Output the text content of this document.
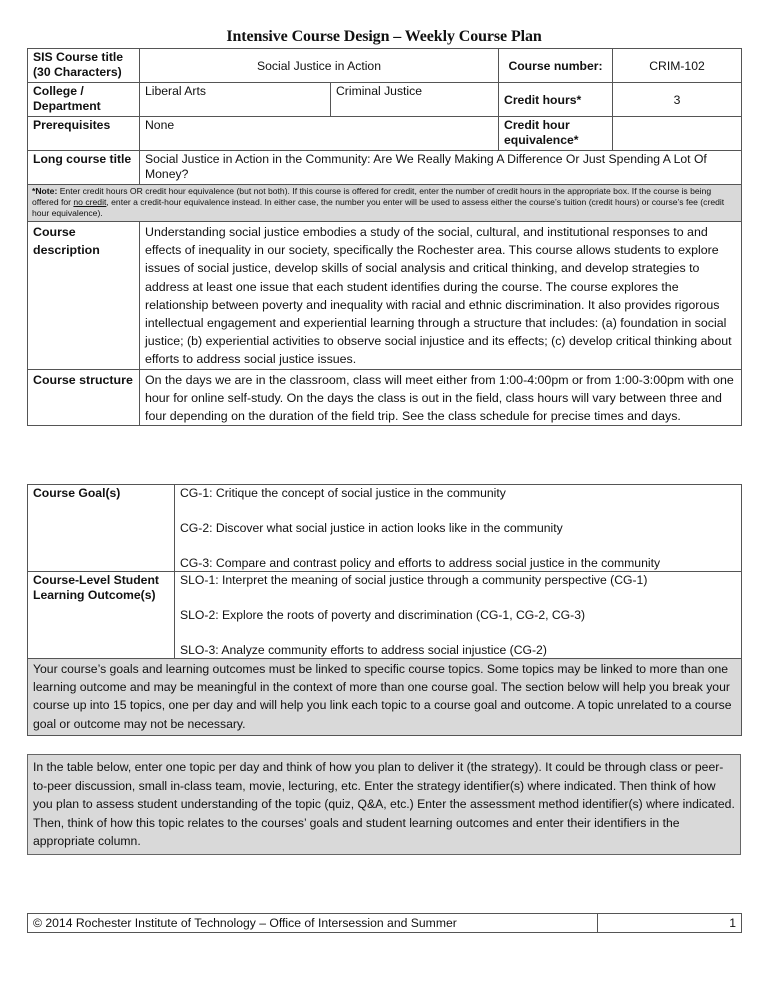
Intensive Course Design – Weekly Course Plan
SIS Course title (30 Characters)	Social Justice in Action		Course number:	CRIM-102
College / Department	Liberal Arts	Criminal Justice	Credit hours*	3
Prerequisites	None		Credit hour equivalence*	
Long course title	Social Justice in Action in the Community: Are We Really Making A Difference Or Just Spending A Lot Of Money?			
*Note: Enter credit hours OR credit hour equivalence (but not both). If this course is offered for credit, enter the number of credit hours in the appropriate box. If the course is being offered for no credit, enter a credit-hour equivalence instead. In either case, the number you enter will be used to assess either the course’s tuition (credit hours) or course’s fee (credit hour equivalence).				
Course description	Understanding social justice embodies a study of the social, cultural, and institutional responses to and effects of inequality in our society, specifically the Rochester area. This course allows students to explore issues of social justice, develop skills of social analysis and critical thinking, and develop strategies to address at least one issue that each student identifies during the course. The course explores the relationship between poverty and inequality with racial and ethnic discrimination. It also provides rigorous intellectual engagement and experiential learning through a structure that includes: (a) foundation in social justice; (b) experiential activities to observe social injustice and its effects; (c) develop critical thinking about efforts to address social justice issues.			
Course structure	On the days we are in the classroom, class will meet either from 1:00-4:00pm or from 1:00-3:00pm with one hour for online self-study. On the days the class is out in the field, class hours will vary between three and four depending on the duration of the field trip. See the class schedule for precise times and days.			
Course Goal(s)	CG-1: Critique the concept of social justice in the community

CG-2: Discover what social justice in action looks like in the community

CG-3: Compare and contrast policy and efforts to address social justice in the community

Course-Level Student Learning Outcome(s)	SLO-1: Interpret the meaning of social justice through a community perspective (CG-1)

SLO-2: Explore the roots of poverty and discrimination (CG-1, CG-2, CG-3)

SLO-3: Analyze community efforts to address social injustice (CG-2)

Your course’s goals and learning outcomes must be linked to specific course topics. Some topics may be linked to more than one learning outcome and may be meaningful in the context of more than one course goal. The section below will help you break your course up into 15 topics, one per day and will help you link each topic to a course goal and outcome. A topic unrelated to a course goal or outcome may not be necessary.	
In the table below, enter one topic per day and think of how you plan to deliver it (the strategy). It could be through class or peer-to-peer discussion, small in-class team, movie, lecturing, etc. Enter the strategy identifier(s) where indicated. Then think of how you plan to assess student understanding of the topic (quiz, Q&A, etc.) Enter the assessment method identifier(s) where indicated. Then, think of how this topic relates to the courses’ goals and student learning outcomes and enter their identifiers in the appropriate column.
© 2014 Rochester Institute of Technology – Office of Intersession and Summer	1
